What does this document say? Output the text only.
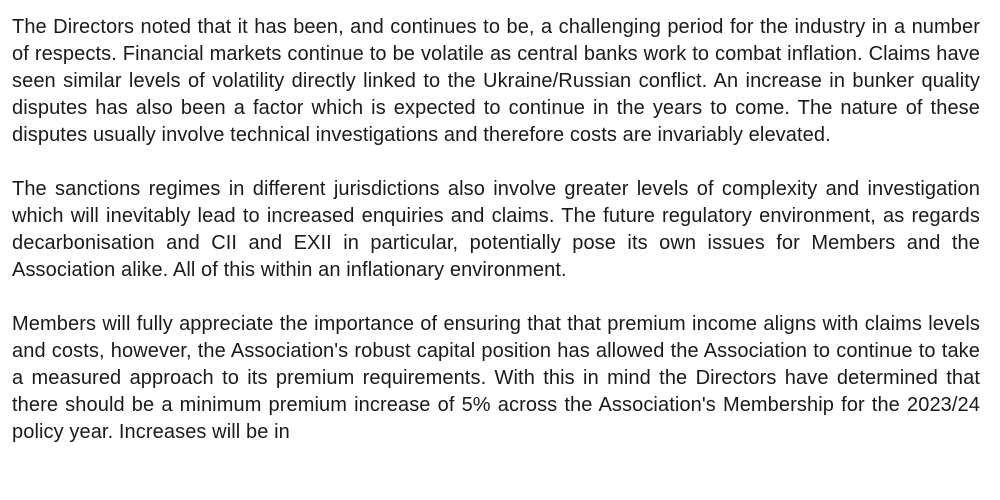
The Directors noted that it has been, and continues to be, a challenging period for the industry in a number of respects. Financial markets continue to be volatile as central banks work to combat inflation. Claims have seen similar levels of volatility directly linked to the Ukraine/Russian conflict. An increase in bunker quality disputes has also been a factor which is expected to continue in the years to come. The nature of these disputes usually involve technical investigations and therefore costs are invariably elevated.

The sanctions regimes in different jurisdictions also involve greater levels of complexity and investigation which will inevitably lead to increased enquiries and claims. The future regulatory environment, as regards decarbonisation and CII and EXII in particular, potentially pose its own issues for Members and the Association alike. All of this within an inflationary environment.

Members will fully appreciate the importance of ensuring that that premium income aligns with claims levels and costs, however, the Association's robust capital position has allowed the Association to continue to take a measured approach to its premium requirements. With this in mind the Directors have determined that there should be a minimum premium increase of 5% across the Association's Membership for the 2023/24 policy year. Increases will be in
